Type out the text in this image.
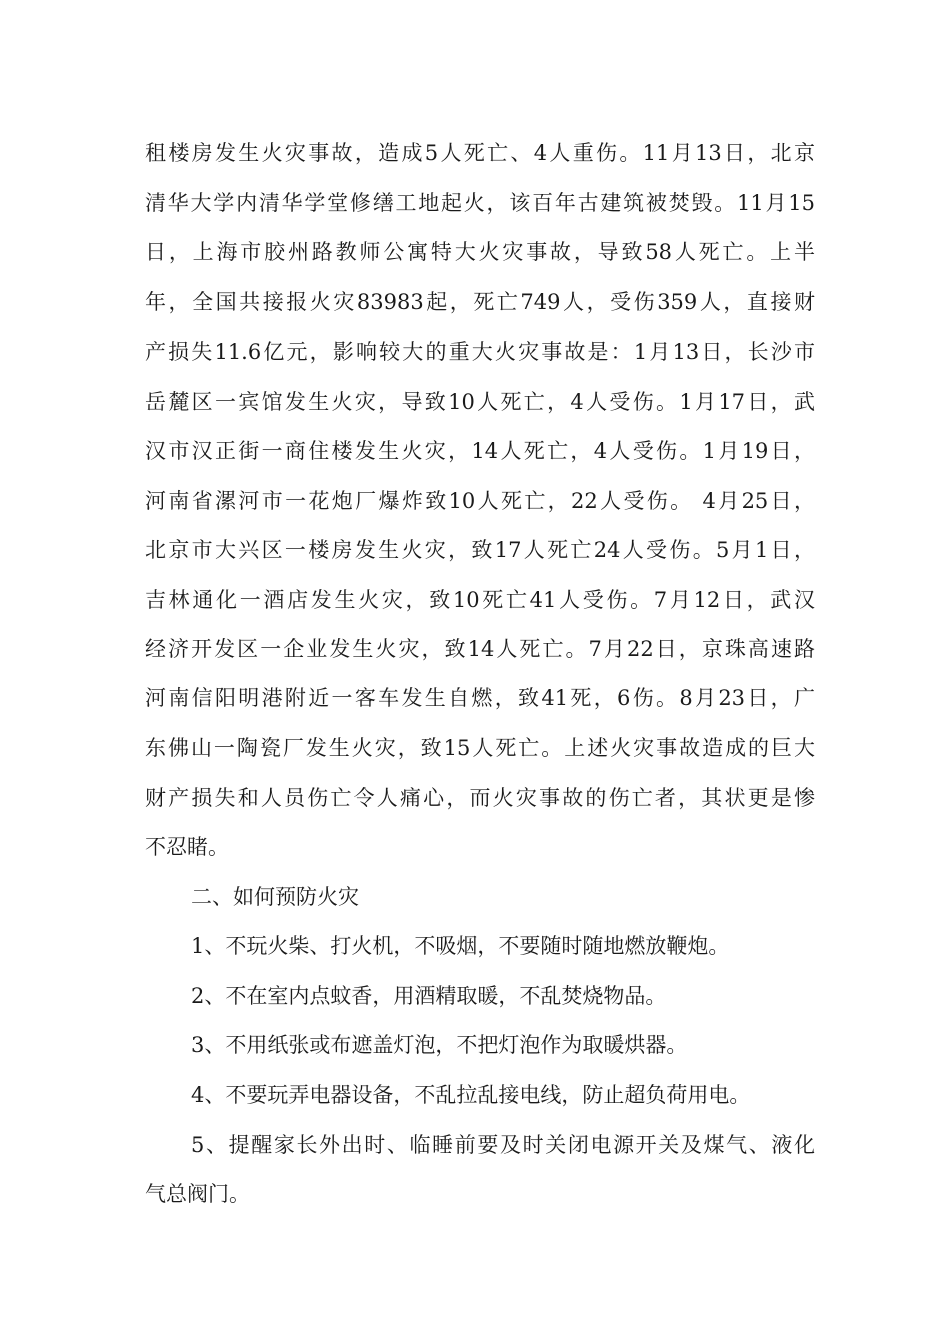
租楼房发生火灾事故，造成5人死亡、4人重伤。11月13日，北京
清华大学内清华学堂修缮工地起火，该百年古建筑被焚毁。11月15
日，上海市胶州路教师公寓特大火灾事故，导致58人死亡。上半
年，全国共接报火灾83983起，死亡749人，受伤359人，直接财
产损失11.6亿元，影响较大的重大火灾事故是：1月13日，长沙市
岳麓区一宾馆发生火灾，导致10人死亡，4人受伤。1月17日，武
汉市汉正街一商住楼发生火灾，14人死亡，4人受伤。1月19日，
河南省漯河市一花炮厂爆炸致10人死亡，22人受伤。 4月25日，
北京市大兴区一楼房发生火灾，致17人死亡24人受伤。5月1日，
吉林通化一酒店发生火灾，致10死亡41人受伤。7月12日，武汉
经济开发区一企业发生火灾，致14人死亡。7月22日，京珠高速路
河南信阳明港附近一客车发生自燃，致41死，6伤。8月23日，广
东佛山一陶瓷厂发生火灾，致15人死亡。上述火灾事故造成的巨大
财产损失和人员伤亡令人痛心，而火灾事故的伤亡者，其状更是惨
不忍睹。
二、如何预防火灾
1、不玩火柴、打火机，不吸烟，不要随时随地燃放鞭炮。
2、不在室内点蚊香，用酒精取暖，不乱焚烧物品。
3、不用纸张或布遮盖灯泡，不把灯泡作为取暖烘器。
4、不要玩弄电器设备，不乱拉乱接电线，防止超负荷用电。
5、提醒家长外出时、临睡前要及时关闭电源开关及煤气、液化
气总阀门。
